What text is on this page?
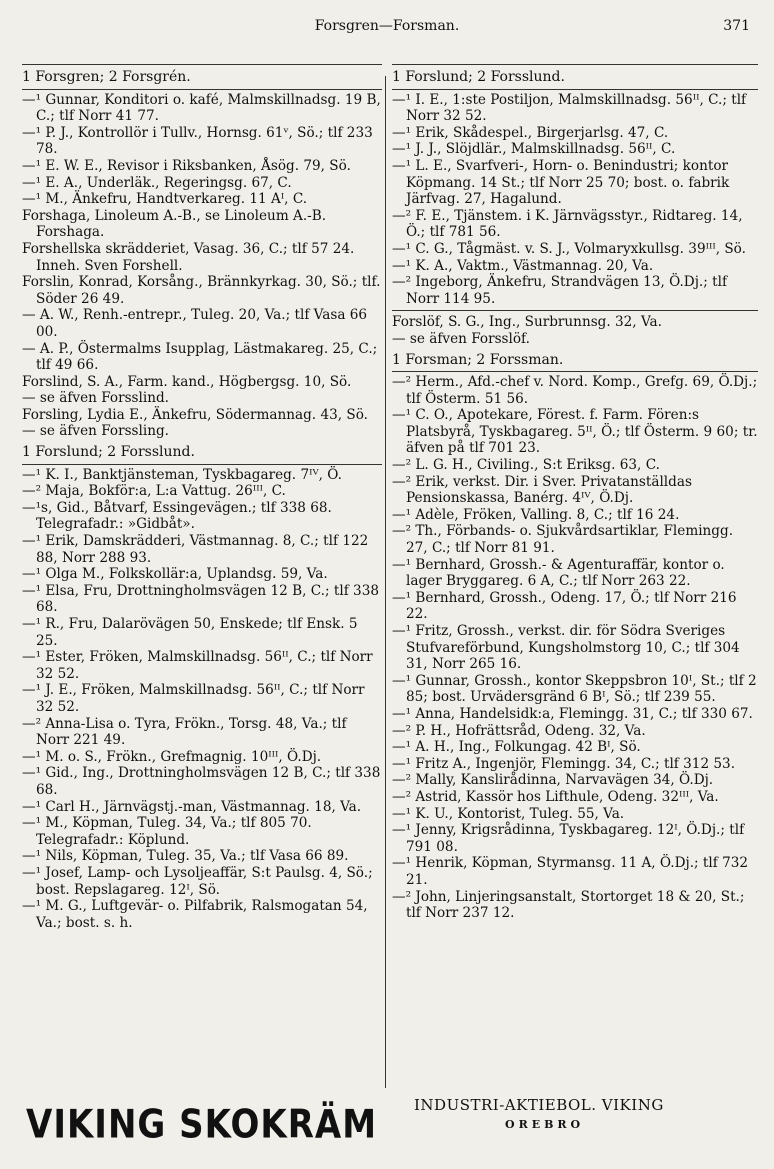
Forsgren—Forsman.	371
1 Forsgren; 2 Forsgrén.

—¹ Gunnar, Konditori o. kafé, Malmskillnadsg. 19 B, C.; tlf Norr 41 77.

—¹ P. J., Kontrollör i Tullv., Hornsg. 61ᵛ, Sö.; tlf 233 78.

—¹ E. W. E., Revisor i Riksbanken, Åsög. 79, Sö.

—¹ E. A., Underläk., Regeringsg. 67, C.

—¹ M., Änkefru, Handtverkareg. 11 Aᴵ, C.

Forshaga, Linoleum A.-B., se Linoleum A.-B. Forshaga.

Forshellska skrädderiet, Vasag. 36, C.; tlf 57 24. Inneh. Sven Forshell.

Forslin, Konrad, Korsång., Brännkyrkag. 30, Sö.; tlf. Söder 26 49.

— A. W., Renh.-entrepr., Tuleg. 20, Va.; tlf Vasa 66 00.

— A. P., Östermalms Isupplag, Lästmakareg. 25, C.; tlf 49 66.

Forslind, S. A., Farm. kand., Högbergsg. 10, Sö.

— se äfven Forsslind.

Forsling, Lydia E., Änkefru, Södermannag. 43, Sö.

— se äfven Forssling.

1 Forslund; 2 Forsslund.

—¹ K. I., Banktjänsteman, Tyskbagareg. 7ᴵⱽ, Ö.

—² Maja, Bokför:a, L:a Vattug. 26ᴵᴵᴵ, C.

—¹s, Gid., Båtvarf, Essingevägen.; tlf 338 68. Telegrafadr.: »Gidbåt».

—¹ Erik, Damskrädderi, Västmannag. 8, C.; tlf 122 88, Norr 288 93.

—¹ Olga M., Folkskollär:a, Uplandsg. 59, Va.

—¹ Elsa, Fru, Drottningholmsvägen 12 B, C.; tlf 338 68.

—¹ R., Fru, Dalarövägen 50, Enskede; tlf Ensk. 5 25.

—¹ Ester, Fröken, Malmskillnadsg. 56ᴵᴵ, C.; tlf Norr 32 52.

—¹ J. E., Fröken, Malmskillnadsg. 56ᴵᴵ, C.; tlf Norr 32 52.

—² Anna-Lisa o. Tyra, Frökn., Torsg. 48, Va.; tlf Norr 221 49.

—¹ M. o. S., Frökn., Grefmagnig. 10ᴵᴵᴵ, Ö.Dj.

—¹ Gid., Ing., Drottningholmsvägen 12 B, C.; tlf 338 68.

—¹ Carl H., Järnvägstj.-man, Västmannag. 18, Va.

—¹ M., Köpman, Tuleg. 34, Va.; tlf 805 70. Telegrafadr.: Köplund.

—¹ Nils, Köpman, Tuleg. 35, Va.; tlf Vasa 66 89.

—¹ Josef, Lamp- och Lysoljeaffär, S:t Paulsg. 4, Sö.; bost. Repslagareg. 12ᴵ, Sö.

—¹ M. G., Luftgevär- o. Pilfabrik, Ralsmogatan 54, Va.; bost. s. h.

1 Forslund; 2 Forsslund.

—¹ I. E., 1:ste Postiljon, Malmskillnadsg. 56ᴵᴵ, C.; tlf Norr 32 52.

—¹ Erik, Skådespel., Birgerjarlsg. 47, C.

—¹ J. J., Slöjdlär., Malmskillnadsg. 56ᴵᴵ, C.

—¹ L. E., Svarfveri-, Horn- o. Benindustri; kontor Köpmang. 14 St.; tlf Norr 25 70; bost. o. fabrik Järfvag. 27, Hagalund.

—² F. E., Tjänstem. i K. Järnvägsstyr., Ridtareg. 14, Ö.; tlf 781 56.

—¹ C. G., Tågmäst. v. S. J., Volmaryxkullsg. 39ᴵᴵᴵ, Sö.

—¹ K. A., Vaktm., Västmannag. 20, Va.

—² Ingeborg, Änkefru, Strandvägen 13, Ö.Dj.; tlf Norr 114 95.

Forslöf, S. G., Ing., Surbrunnsg. 32, Va.

— se äfven Forsslöf.

1 Forsman; 2 Forssman.

—² Herm., Afd.-chef v. Nord. Komp., Grefg. 69, Ö.Dj.; tlf Österm. 51 56.

—¹ C. O., Apotekare, Förest. f. Farm. Fören:s Platsbyrå, Tyskbagareg. 5ᴵᴵ, Ö.; tlf Österm. 9 60; tr. äfven på tlf 701 23.

—² L. G. H., Civiling., S:t Eriksg. 63, C.

—² Erik, verkst. Dir. i Sver. Privatanställdas Pensionskassa, Banérg. 4ᴵⱽ, Ö.Dj.

—¹ Adèle, Fröken, Valling. 8, C.; tlf 16 24.

—² Th., Förbands- o. Sjukvårdsartiklar, Flemingg. 27, C.; tlf Norr 81 91.

—¹ Bernhard, Grossh.- & Agenturaffär, kontor o. lager Bryggareg. 6 A, C.; tlf Norr 263 22.

—¹ Bernhard, Grossh., Odeng. 17, Ö.; tlf Norr 216 22.

—¹ Fritz, Grossh., verkst. dir. för Södra Sveriges Stufvareförbund, Kungsholmstorg 10, C.; tlf 304 31, Norr 265 16.

—¹ Gunnar, Grossh., kontor Skeppsbron 10ᴵ, St.; tlf 2 85; bost. Urvädersgränd 6 Bᴵ, Sö.; tlf 239 55.

—¹ Anna, Handelsidk:a, Flemingg. 31, C.; tlf 330 67.

—² P. H., Hofrättsråd, Odeng. 32, Va.

—¹ A. H., Ing., Folkungag. 42 Bᴵ, Sö.

—¹ Fritz A., Ingenjör, Flemingg. 34, C.; tlf 312 53.

—² Mally, Kanslirådinna, Narvavägen 34, Ö.Dj.

—² Astrid, Kassör hos Lifthule, Odeng. 32ᴵᴵᴵ, Va.

—¹ K. U., Kontorist, Tuleg. 55, Va.

—¹ Jenny, Krigsrådinna, Tyskbagareg. 12ᴵ, Ö.Dj.; tlf 791 08.

—¹ Henrik, Köpman, Styrmansg. 11 A, Ö.Dj.; tlf 732 21.

—² John, Linjeringsanstalt, Stortorget 18 & 20, St.; tlf Norr 237 12.

VIKING SKOKRÄM INDUSTRI-AKTIEBOL. VIKING
OREBRO
